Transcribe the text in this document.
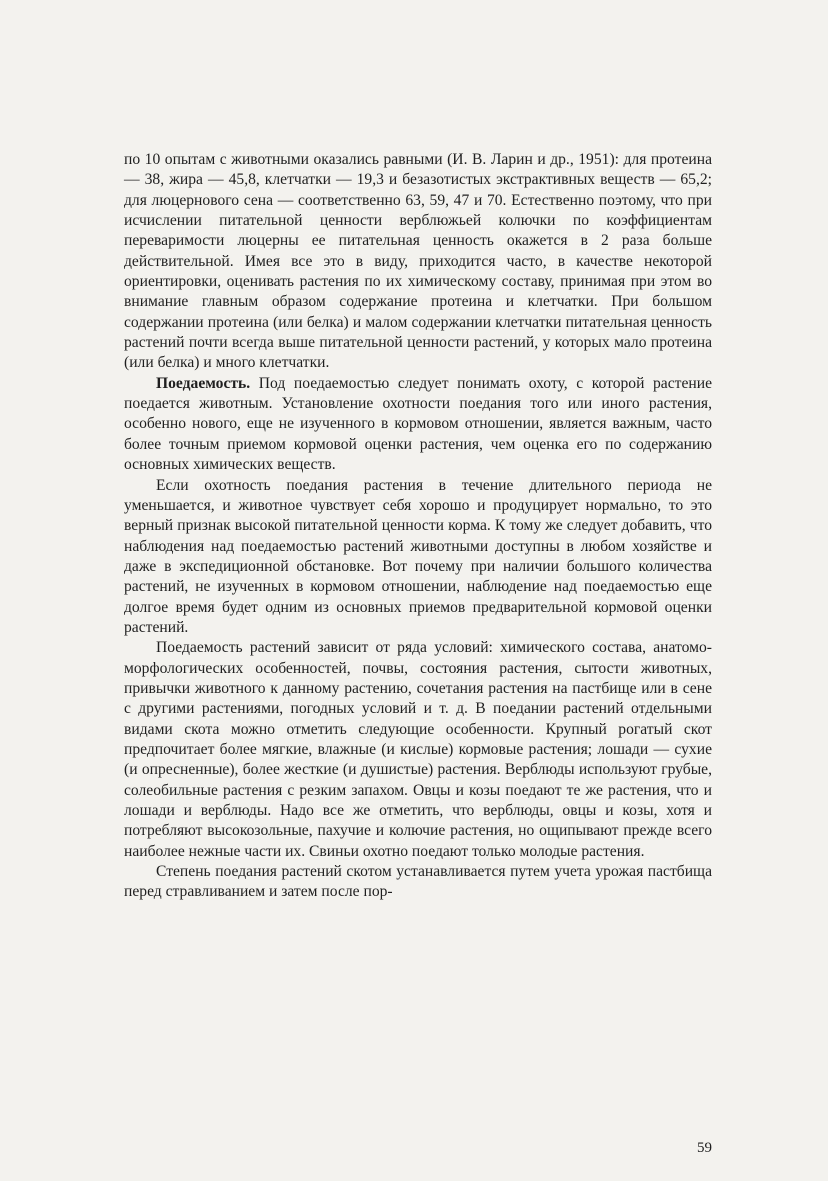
по 10 опытам с животными оказались равными (И. В. Ларин и др., 1951): для протеина — 38, жира — 45,8, клетчатки — 19,3 и безазотистых экстрактивных веществ — 65,2; для люцернового сена — соответственно 63, 59, 47 и 70. Естественно поэтому, что при исчислении питательной ценности верблюжьей колючки по коэффициентам переваримости люцерны ее питательная ценность окажется в 2 раза больше действительной. Имея все это в виду, приходится часто, в качестве некоторой ориентировки, оценивать растения по их химическому составу, принимая при этом во внимание главным образом содержание протеина и клетчатки. При большом содержании протеина (или белка) и малом содержании клетчатки питательная ценность растений почти всегда выше питательной ценности растений, у которых мало протеина (или белка) и много клетчатки.

Поедаемость. Под поедаемостью следует понимать охоту, с которой растение поедается животным. Установление охотности поедания того или иного растения, особенно нового, еще не изученного в кормовом отношении, является важным, часто более точным приемом кормовой оценки растения, чем оценка его по содержанию основных химических веществ.

Если охотность поедания растения в течение длительного периода не уменьшается, и животное чувствует себя хорошо и продуцирует нормально, то это верный признак высокой питательной ценности корма. К тому же следует добавить, что наблюдения над поедаемостью растений животными доступны в любом хозяйстве и даже в экспедиционной обстановке. Вот почему при наличии большого количества растений, не изученных в кормовом отношении, наблюдение над поедаемостью еще долгое время будет одним из основных приемов предварительной кормовой оценки растений.

Поедаемость растений зависит от ряда условий: химического состава, анатомо-морфологических особенностей, почвы, состояния растения, сытости животных, привычки животного к данному растению, сочетания растения на пастбище или в сене с другими растениями, погодных условий и т. д. В поедании растений отдельными видами скота можно отметить следующие особенности. Крупный рогатый скот предпочитает более мягкие, влажные (и кислые) кормовые растения; лошади — сухие (и опресненные), более жесткие (и душистые) растения. Верблюды используют грубые, солеобильные растения с резким запахом. Овцы и козы поедают те же растения, что и лошади и верблюды. Надо все же отметить, что верблюды, овцы и козы, хотя и потребляют высокозольные, пахучие и колючие растения, но ощипывают прежде всего наиболее нежные части их. Свиньи охотно поедают только молодые растения.

Степень поедания растений скотом устанавливается путем учета урожая пастбища перед стравливанием и затем после пор-

59
